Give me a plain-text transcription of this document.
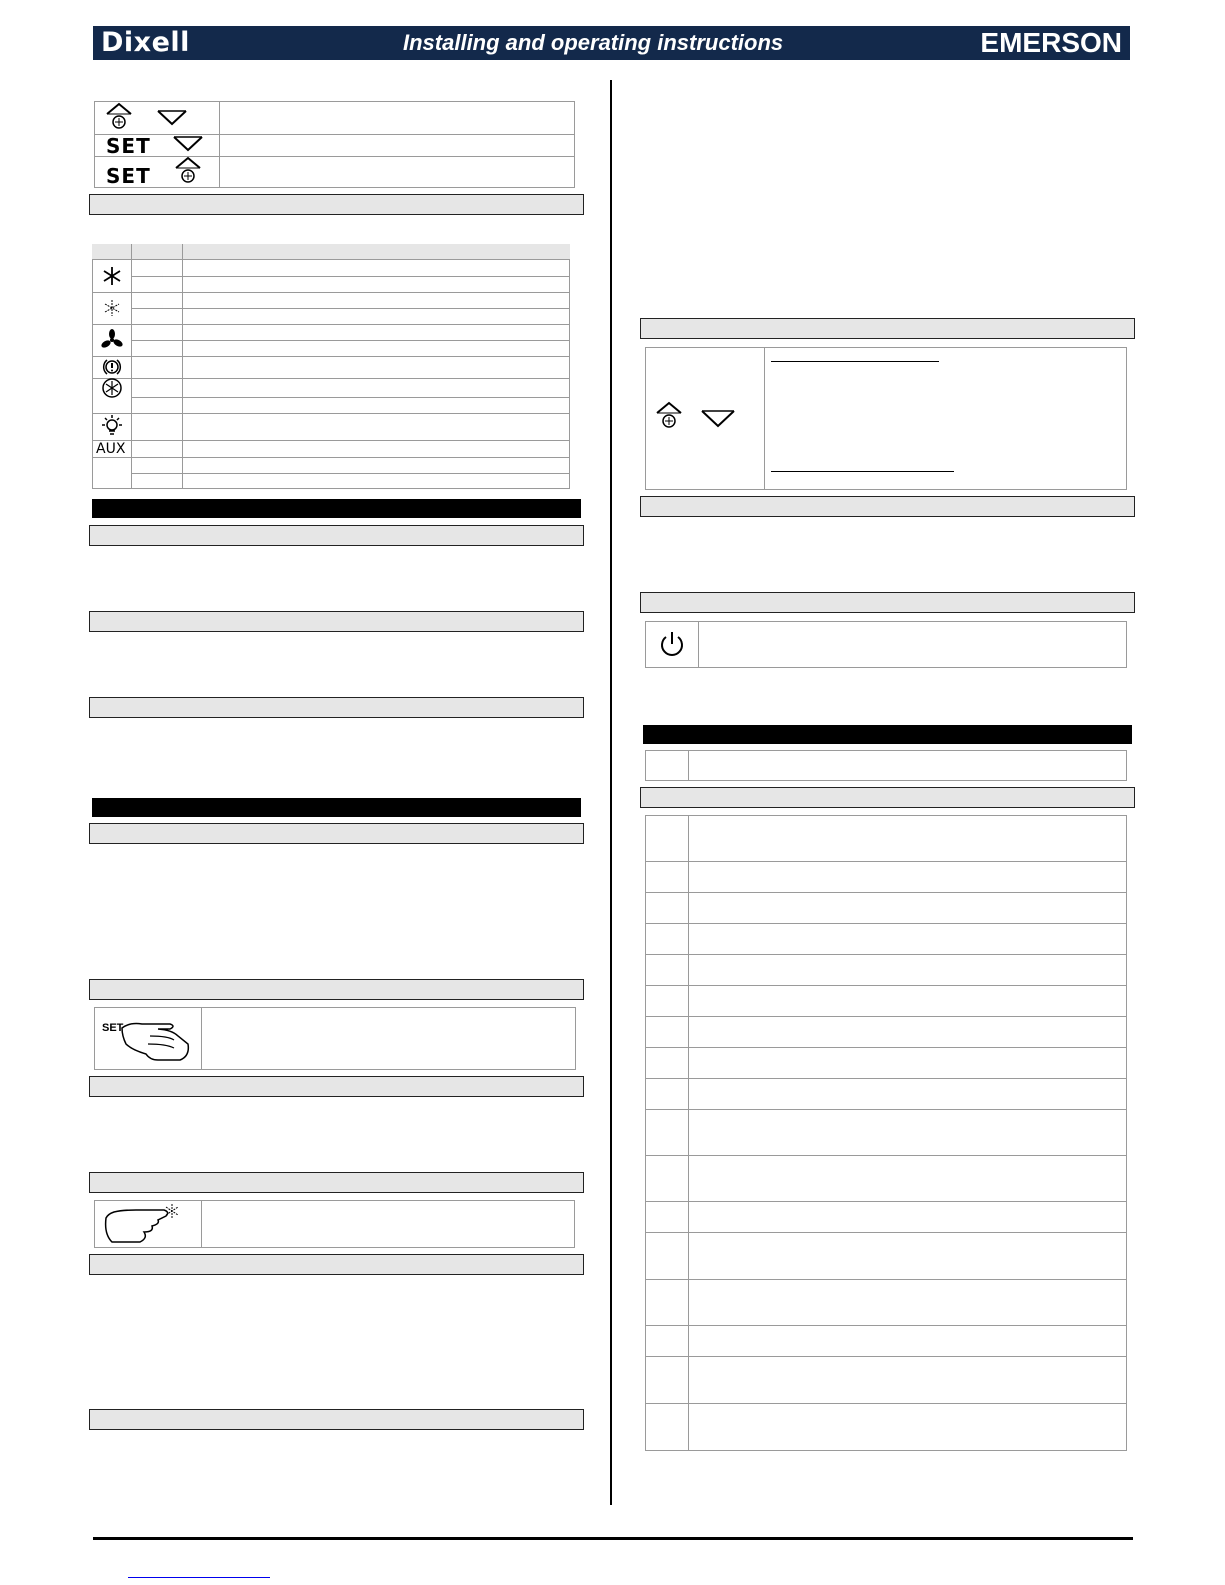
Dixell	Installing and operating instructions	EMERSON
SET
SET
AUX
SET
